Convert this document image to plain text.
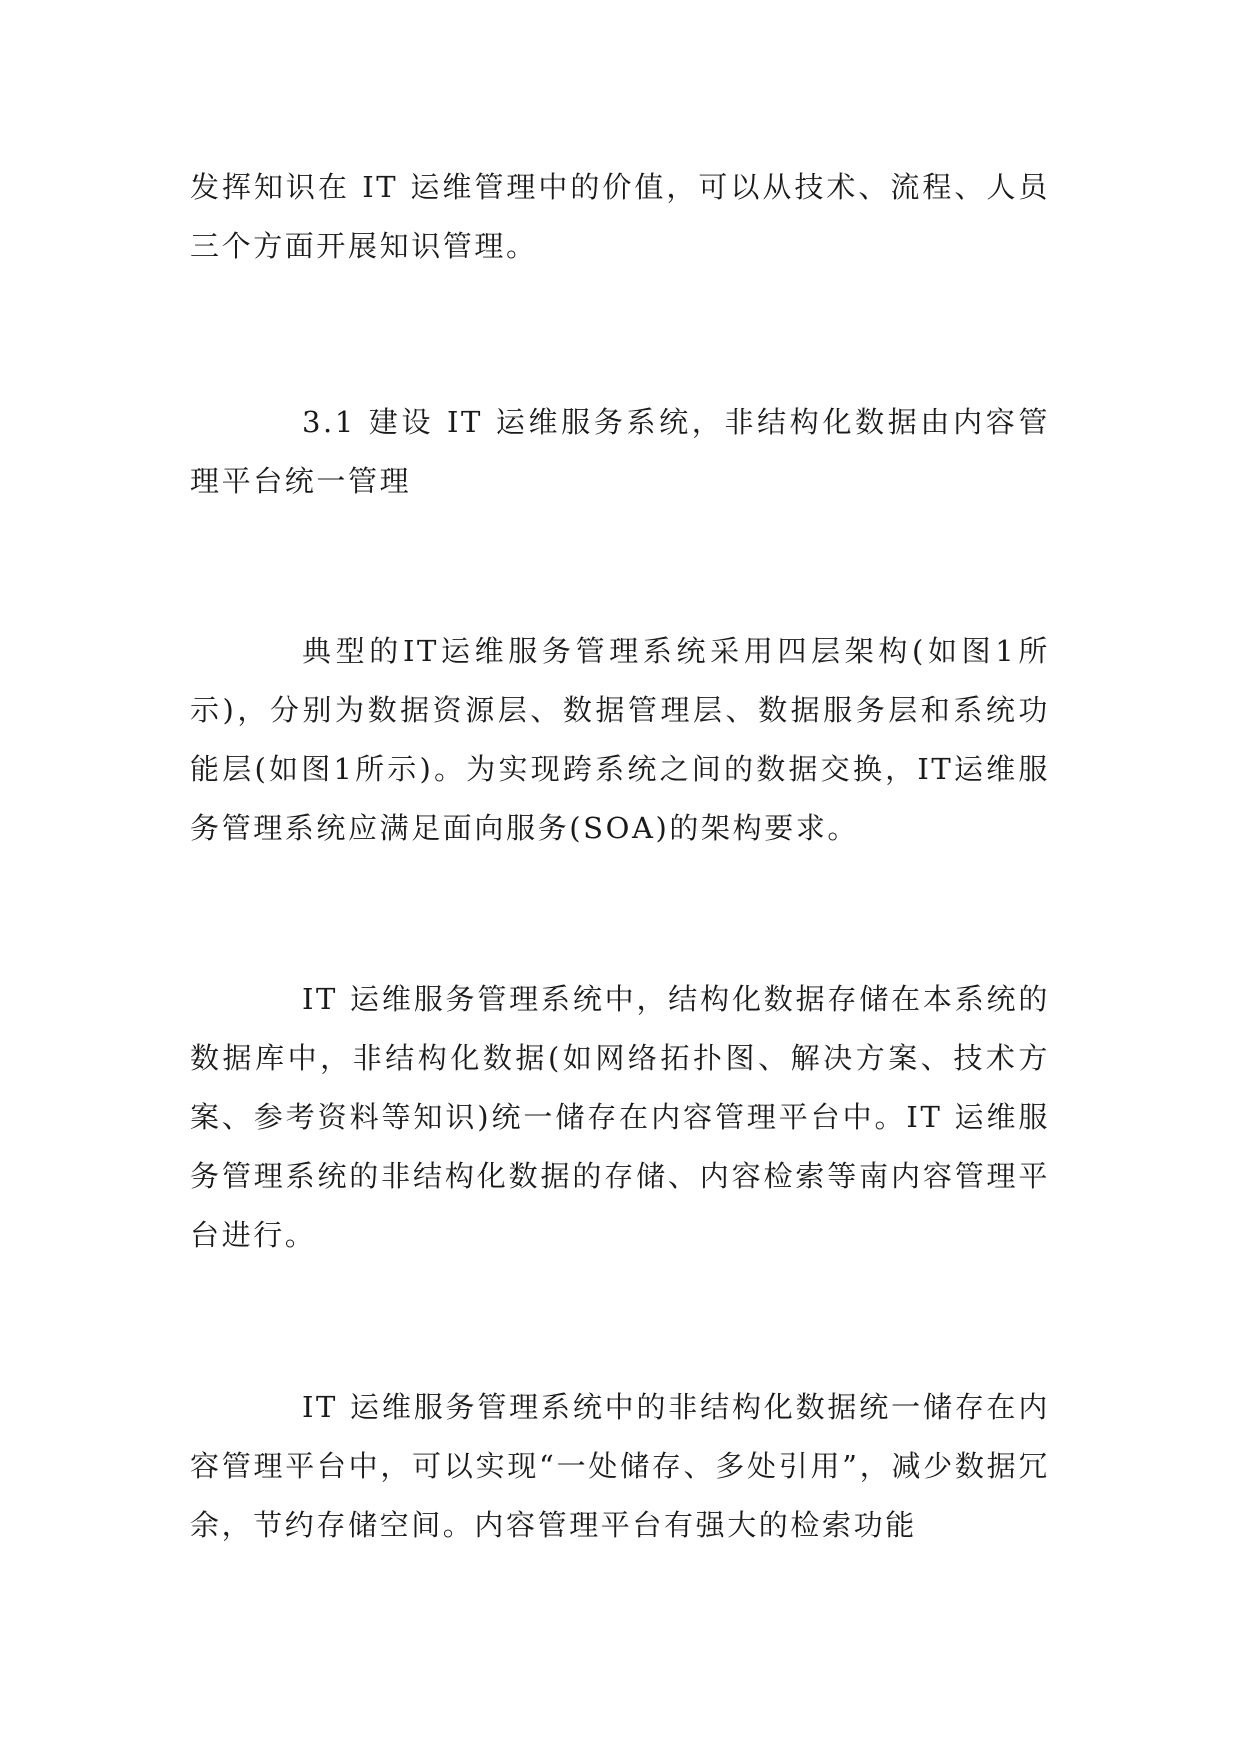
发挥知识在 IT 运维管理中的价值，可以从技术、流程、人员三个方面开展知识管理。

3.1 建设 IT 运维服务系统，非结构化数据由内容管理平台统一管理

典型的IT运维服务管理系统采用四层架构(如图1所示)，分别为数据资源层、数据管理层、数据服务层和系统功能层(如图1所示)。为实现跨系统之间的数据交换，IT运维服务管理系统应满足面向服务(SOA)的架构要求。

IT 运维服务管理系统中，结构化数据存储在本系统的数据库中，非结构化数据(如网络拓扑图、解决方案、技术方案、参考资料等知识)统一储存在内容管理平台中。IT 运维服务管理系统的非结构化数据的存储、内容检索等南内容管理平台进行。

IT 运维服务管理系统中的非结构化数据统一储存在内容管理平台中，可以实现“一处储存、多处引用”，减少数据冗余，节约存储空间。内容管理平台有强大的检索功能
